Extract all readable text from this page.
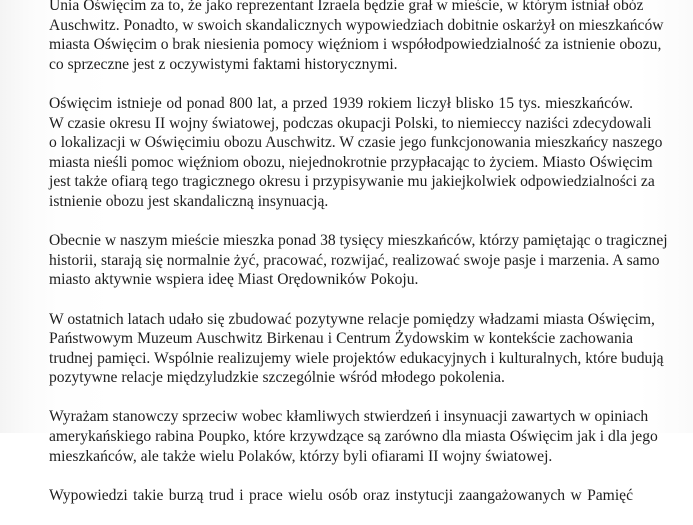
Unia Oświęcim za to, że jako reprezentant Izraela będzie grał w mieście, w którym istniał obóz
Auschwitz. Ponadto, w swoich skandalicznych wypowiedziach dobitnie oskarżył on mieszkańców
miasta Oświęcim o brak niesienia pomocy więźniom i współodpowiedzialność za istnienie obozu,
co sprzeczne jest z oczywistymi faktami historycznymi.

Oświęcim istnieje od ponad 800 lat, a przed 1939 rokiem liczył blisko 15 tys. mieszkańców.
W czasie okresu II wojny światowej, podczas okupacji Polski, to niemieccy naziści zdecydowali
o lokalizacji w Oświęcimiu obozu Auschwitz. W czasie jego funkcjonowania mieszkańcy naszego
miasta nieśli pomoc więźniom obozu, niejednokrotnie przypłacając to życiem. Miasto Oświęcim
jest także ofiarą tego tragicznego okresu i przypisywanie mu jakiejkolwiek odpowiedzialności za
istnienie obozu jest skandaliczną insynuacją.

Obecnie w naszym mieście mieszka ponad 38 tysięcy mieszkańców, którzy pamiętając o tragicznej
historii, starają się normalnie żyć, pracować, rozwijać, realizować swoje pasje i marzenia. A samo
miasto aktywnie wspiera ideę Miast Orędowników Pokoju.

W ostatnich latach udało się zbudować pozytywne relacje pomiędzy władzami miasta Oświęcim,
Państwowym Muzeum Auschwitz Birkenau i Centrum Żydowskim w kontekście zachowania
trudnej pamięci. Wspólnie realizujemy wiele projektów edukacyjnych i kulturalnych, które budują
pozytywne relacje międzyludzkie szczególnie wśród młodego pokolenia.

Wyrażam stanowczy sprzeciw wobec kłamliwych stwierdzeń i insynuacji zawartych w opiniach
amerykańskiego rabina Poupko, które krzywdzące są zarówno dla miasta Oświęcim jak i dla jego
mieszkańców, ale także wielu Polaków, którzy byli ofiarami II wojny światowej.

Wypowiedzi takie burzą trud i prace wielu osób oraz instytucji zaangażowanych w Pamięć
